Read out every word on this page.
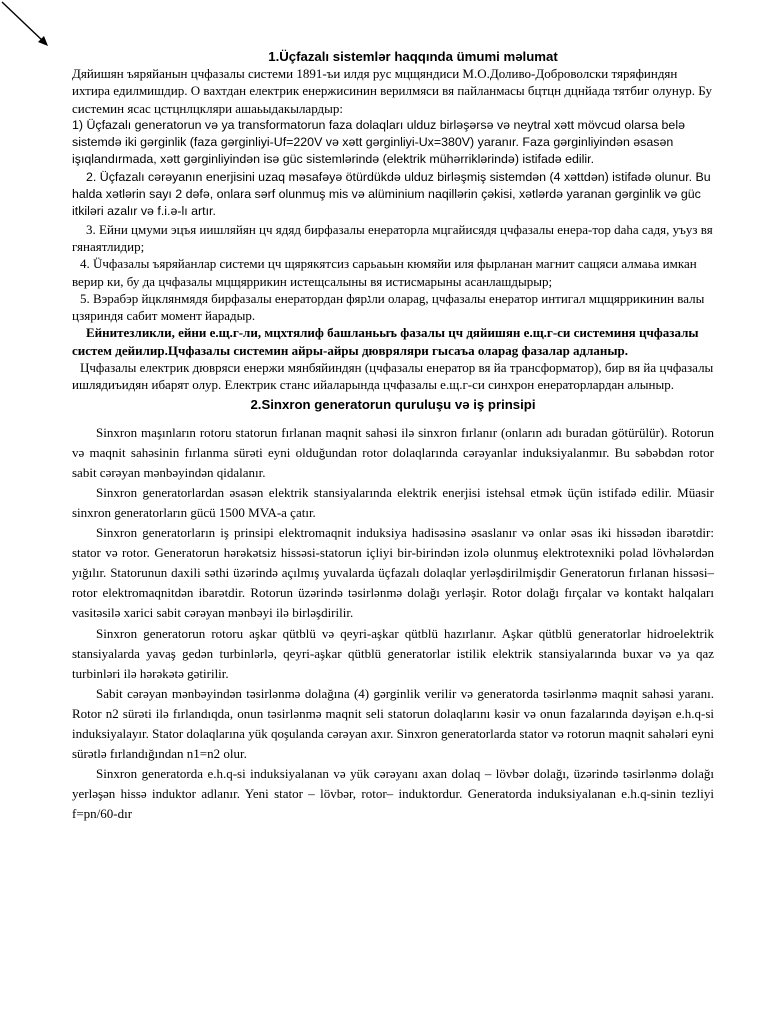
1.Üçfazalı sistemlər haqqında ümumi məlumat

Дяйишян ъяряйанын цчфазалы системи 1891-ъи илдя рус мцщяндиси М.О.Доливо-Доброволски тяряфиндян ихтира едилмишдир. О вахтдан електрик енержисинин верилмяси вя пайланмасы бцтцн дцнйада тятбиг олунур. Бу системин ясас цстцнлцкляри ашаьыдакылардыр:

1) Üçfazalı generatorun və ya transformatorun faza dolaqları ulduz birləşərsə və neytral xətt mövcud olarsa belə sistemdə iki gərginlik (faza gərginliyi-Uf=220V və xətt gərginliyi-Ux=380V) yaranır. Faza gərginliyindən əsasən işıqlandırmada, xətt gərginliyindən isə güc sistemlərində (elektrik mühərriklərində) istifadə edilir.

2. Üçfazalı cərəyanın enerjisini uzaq məsafəyə ötürdükdə ulduz birləşmiş sistemdən (4 xəttdən) istifadə olunur. Bu halda xətlərin sayı 2 dəfə, onlara sərf olunmuş mis və alüminium naqillərin çəkisi, xətlərdə yaranan gərginlik və güc itkiləri azalır və f.i.ə-lı artır.

3. Ейни цмуми эцъя иишляйян цч ядяд бирфазалы енераторла мцгайисядя цчфазалы енера-тор daha садя, уъуз вя гянаятлидир;

4. Üчфазалы ъяряйанлар системи цч щярякятсиз сарьаьын кюмяйи иля фырланан магнит сащяси алмаьа имкан верир ки, бу да цчфазалы мцщяррикин истещсалыны вя истисмарыны асанлашдырыр;

5. Вэрабэр йцклянмядя бирфазалы енератордан фярגли оларag, цчфазалы енератор интигал мцщяррикинин валы цзяриндя сабит момент йарадыр.

Ейнитезликли, ейни е.щ.г-ли, мцхтялиф башланьыъ фазалы цч дяйишян е.щ.г-си системиня цчфазалы систем дейилир.Цчфазалы системин айры-айры дювряляри гысаъа оларag фазалар адланыр.

Цчфазалы електрик дювряси енержи мянбяйиндян (цчфазалы енератор вя йа трансформатор), бир вя йа цчфазалы ишлядиъидян ибарят олур. Електрик станс ийаларында цчфазалы е.щ.г-си синхрон енераторлардан алыныр.

2.Sinxron generatorun quruluşu və iş prinsipi

Sinxron maşınların rotoru statorun fırlanan maqnit sahəsi ilə sinxron fırlanır (onların adı buradan götürülür). Rotorun və maqnit sahəsinin fırlanma sürəti eyni olduğundan rotor dolaqlarında cərəyanlar induksiyalanmır. Bu səbəbdən rotor sabit cərəyan mənbəyindən qidalanır.

Sinxron generatorlardan əsasən elektrik stansiyalarında elektrik enerjisi istehsal etmək üçün istifadə edilir. Müasir sinxron generatorların gücü 1500 MVA-a çatır.

Sinxron generatorların iş prinsipi elektromaqnit induksiya hadisəsinə əsaslanır və onlar əsas iki hissədən ibarətdir: stator və rotor. Generatorun hərəkətsiz hissəsi-statorun içliyi bir-birindən izolə olunmuş elektrotexniki polad lövhələrdən yığılır. Statorunun daxili səthi üzərində açılmış yuvalarda üçfazalı dolaqlar yerləşdirilmişdir Generatorun fırlanan hissəsi– rotor elektromaqnitdən ibarətdir. Rotorun üzərində təsirlənmə dolağı yerləşir. Rotor dolağı fırçalar və kontakt halqaları vasitəsilə xarici sabit cərəyan mənbəyi ilə birləşdirilir.

Sinxron generatorun rotoru aşkar qütblü və qeyri-aşkar qütblü hazırlanır. Aşkar qütblü generatorlar hidroelektrik stansiyalarda yavaş gedən turbinlərlə, qeyri-aşkar qütblü generatorlar istilik elektrik stansiyalarında buxar və ya qaz turbinləri ilə hərəkətə gətirilir.

Sabit cərəyan mənbəyindən təsirlənmə dolağına (4) gərginlik verilir və generatorda təsirlənmə maqnit sahəsi yaranı. Rotor n2 sürəti ilə fırlandıqda, onun təsirlənmə maqnit seli statorun dolaqlarını kəsir və onun fazalarında dəyişən e.h.q-si induksiyalayır. Stator dolaqlarına yük qoşulanda cərəyan axır. Sinxron generatorlarda stator və rotorun maqnit sahələri eyni sürətlə fırlandığından n1=n2 olur.

Sinxron generatorda e.h.q-si induksiyalanan və yük cərəyanı axan dolaq – lövbər dolağı, üzərində təsirlənmə dolağı yerləşən hissə induktor adlanır. Yeni stator – lövbər, rotor– induktordur. Generatorda induksiyalanan e.h.q-sinin tezliyi f=pn/60-dır
